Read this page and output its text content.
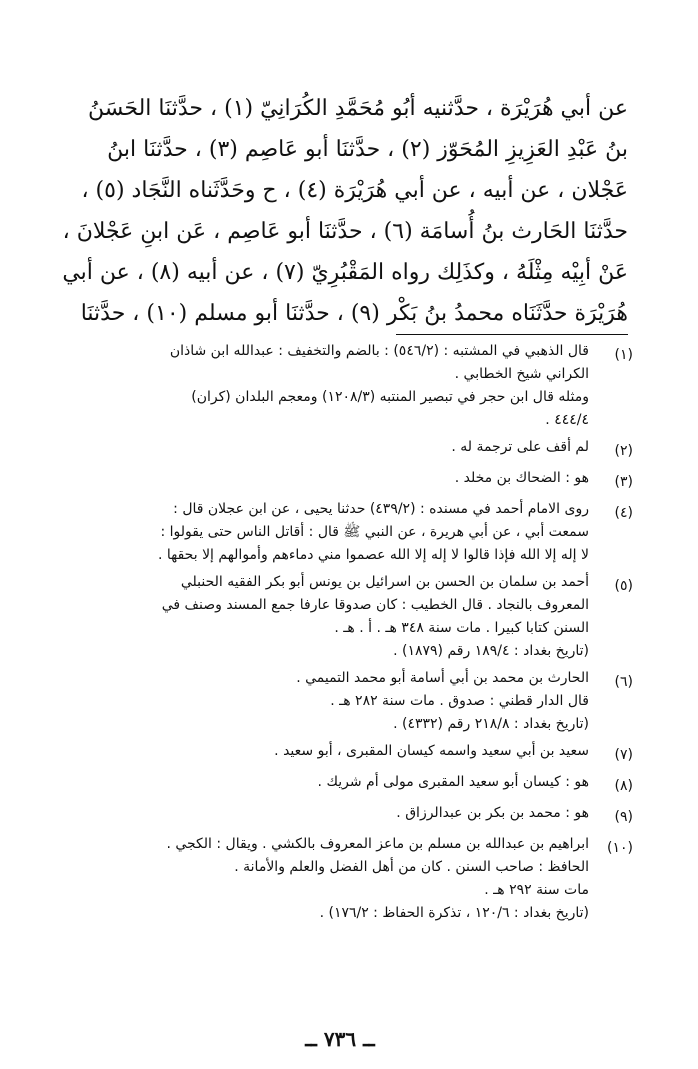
عن أبي هُرَيْرَة ، حدَّثنيه أبُو مُحَمَّدِ الكُرَانِيّ (١) ، حدَّثنَا الحَسَنُ

بنُ عَبْدِ العَزِيزِ المُحَوّز (٢) ، حدَّثنَا أبو عَاصِم (٣) ، حدَّثنَا ابنُ

عَجْلان ، عن أبيه ، عن أبي هُرَيْرَة (٤) ، ح وحَدَّثَناه النَّجَاد (٥) ،

حدَّثنَا الحَارث بنُ أُسامَة (٦) ، حدَّثنَا أبو عَاصِم ، عَن ابنِ عَجْلانَ ،

عَنْ أبِيْه مِثْلَهُ ، وكذَلِك رواه المَقْبُرِيّ (٧) ، عن أبيه (٨) ، عن أبي

هُرَيْرَة حدَّثَنَاه محمدُ بنُ بَكْر (٩) ، حدَّثنَا أبو مسلم (١٠) ، حدَّثنَا

(١)

قال الذهبي في المشتبه : (٥٤٦/٢) : بالضم والتخفيف : عبدالله ابن شاذان

الكراني شيخ الخطابي .

ومثله قال ابن حجر في تبصير المنتبه (١٢٠٨/٣) ومعجم البلدان (كران)

٤٤٤/٤ .

(٢)

لم أقف على ترجمة له .

(٣)

هو : الضحاك بن مخلد .

(٤)

روى الامام أحمد في مسنده : (٤٣٩/٢) حدثنا يحيى ، عن ابن عجلان قال :

سمعت أبي ، عن أبي هريرة ، عن النبي ﷺ قال : أقاتل الناس حتى يقولوا :

لا إله إلا الله فإذا قالوا لا إله إلا الله عصموا مني دماءهم وأموالهم إلا بحقها .

(٥)

أحمد بن سلمان بن الحسن بن اسرائيل بن يونس أبو بكر الفقيه الحنبلي

المعروف بالنجاد . قال الخطيب : كان صدوقا عارفا جمع المسند وصنف في

السنن كتابا كبيرا . مات سنة ٣٤٨ هـ . أ . هـ .

(تاريخ بغداد : ١٨٩/٤ رقم (١٨٧٩) .

(٦)

الحارث بن محمد بن أبي أسامة أبو محمد التميمي .

قال الدار قطني : صدوق . مات سنة ٢٨٢ هـ .

(تاريخ بغداد : ٢١٨/٨ رقم (٤٣٣٢) .

(٧)

سعيد بن أبي سعيد واسمه كيسان المقبرى ، أبو سعيد .

(٨)

هو : كيسان أبو سعيد المقبرى مولى أم شريك .

(٩)

هو : محمد بن بكر بن عبدالرزاق .

(١٠)

ابراهيم بن عبدالله بن مسلم بن ماعز المعروف بالكشي . ويقال : الكجي .

الحافظ : صاحب السنن . كان من أهل الفضل والعلم والأمانة .

مات سنة ٢٩٢ هـ .

(تاريخ بغداد : ١٢٠/٦ ، تذكرة الحفاظ : ١٧٦/٢) .

ــ ٧٣٦ ــ
